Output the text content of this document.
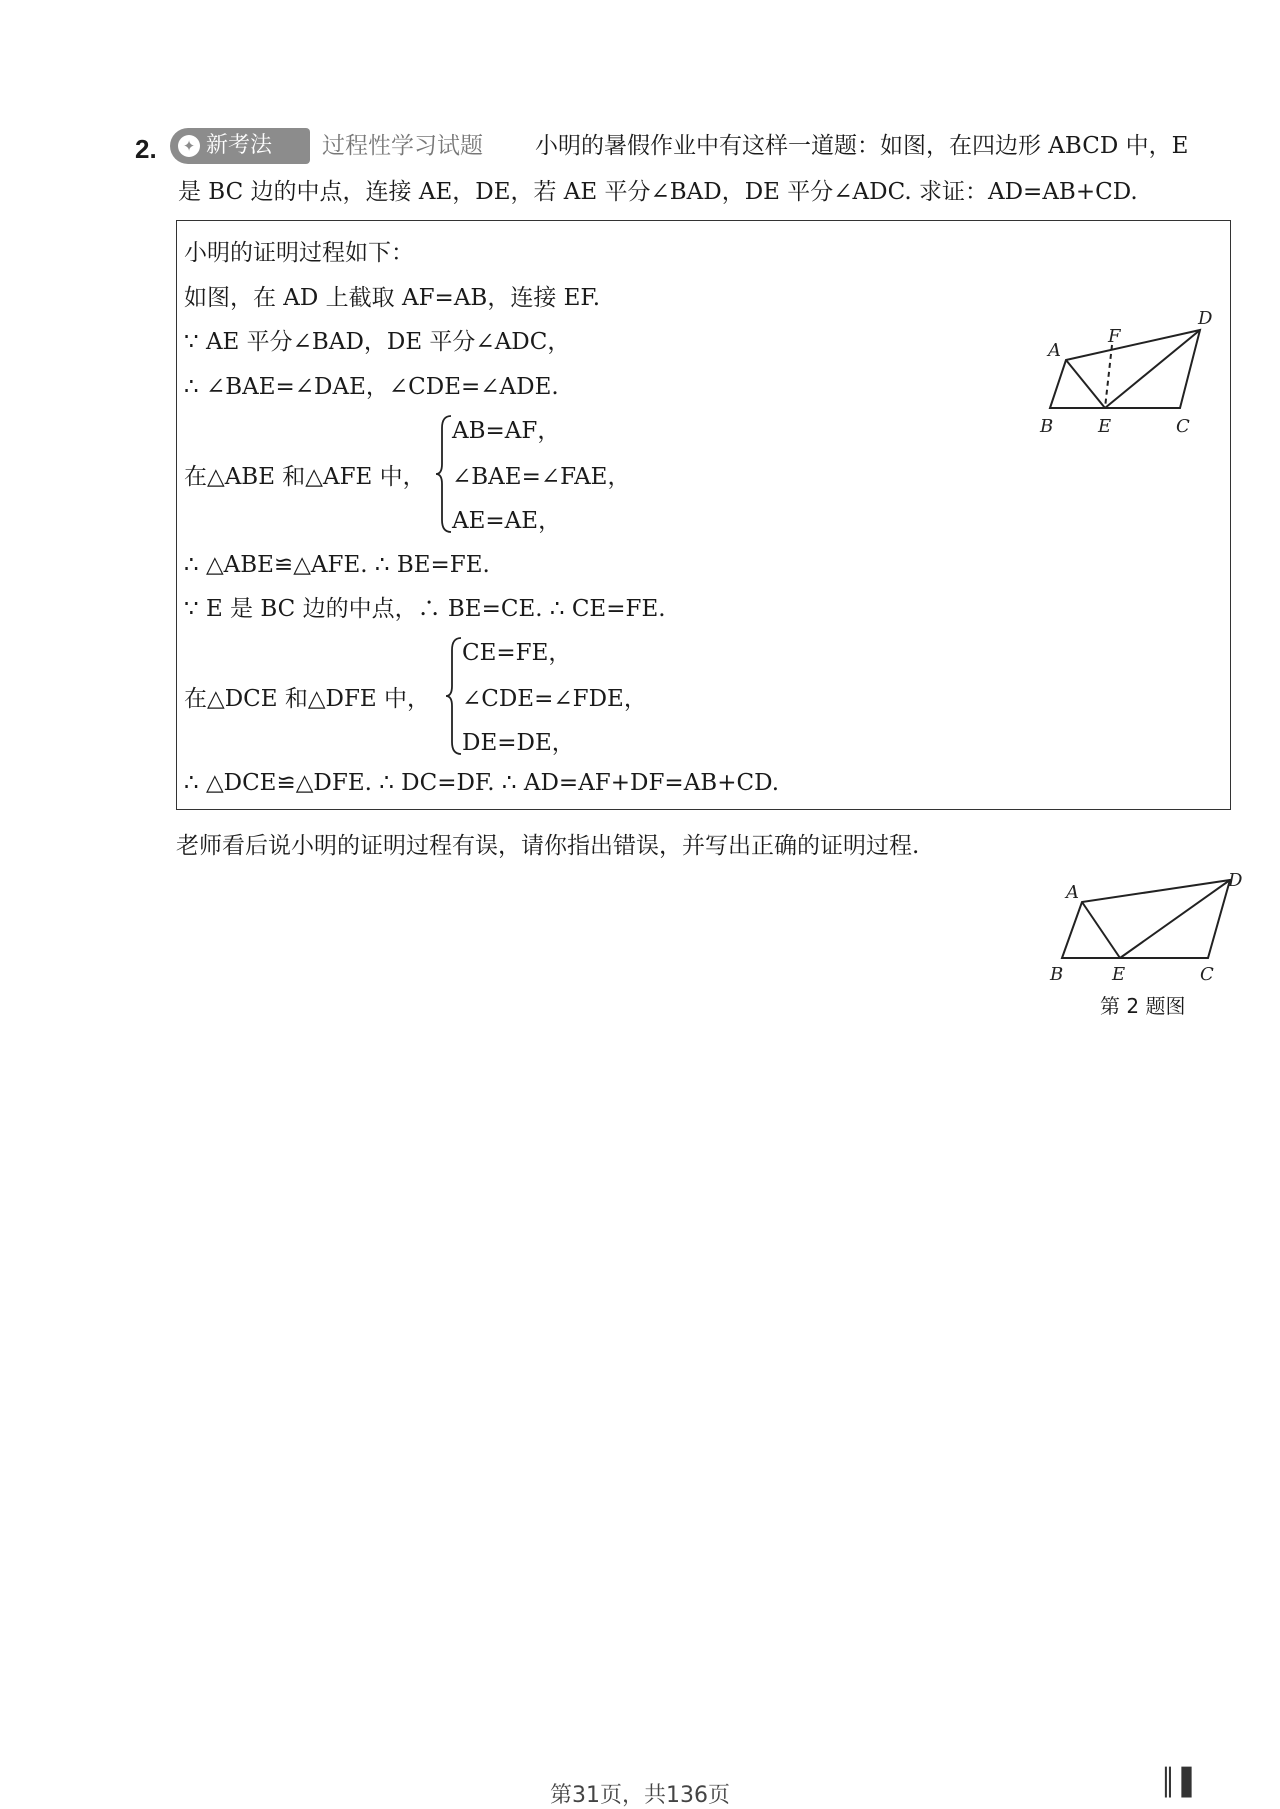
2.	✦ 新考法 过程性学习试题 小明的暑假作业中有这样一道题：如图，在四边形 ABCD 中，E
是 BC 边的中点，连接 AE，DE，若 AE 平分∠BAD，DE 平分∠ADC. 求证：AD=AB+CD.
小明的证明过程如下：
如图，在 AD 上截取 AF=AB，连接 EF.
∵ AE 平分∠BAD，DE 平分∠ADC，
∴ ∠BAE=∠DAE，∠CDE=∠ADE.
在△ABE 和△AFE 中，
AB=AF，
∠BAE=∠FAE，
AE=AE，
∴ △ABE≌△AFE. ∴ BE=FE.
∵ E 是 BC 边的中点，∴ BE=CE. ∴ CE=FE.
在△DCE 和△DFE 中，
CE=FE，
∠CDE=∠FDE，
DE=DE，
∴ △DCE≌△DFE. ∴ DC=DF. ∴ AD=AF+DF=AB+CD.
A
F
D
B E	C
老师看后说小明的证明过程有误，请你指出错误，并写出正确的证明过程.
A
D
B	E	C
第 2 题图
第31页，共136页	║▌
